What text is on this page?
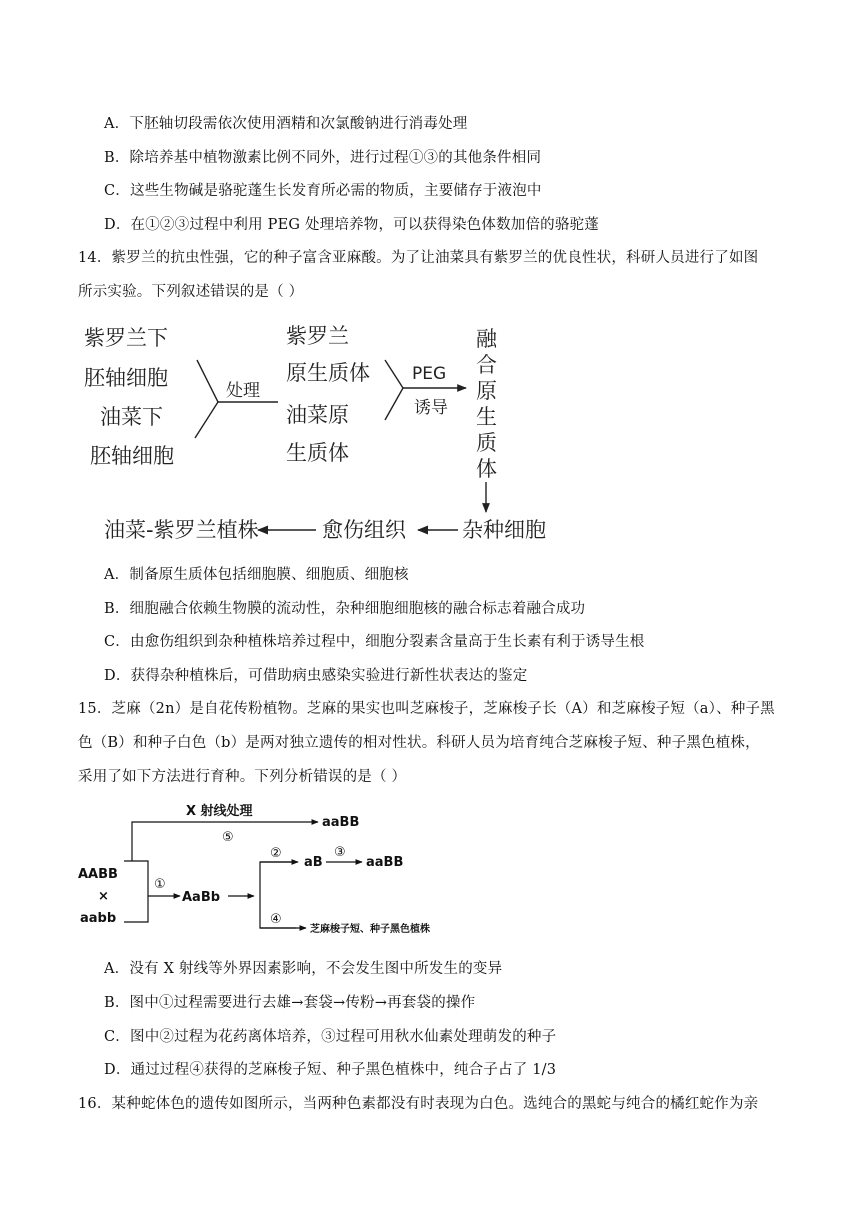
A．下胚轴切段需依次使用酒精和次氯酸钠进行消毒处理
B．除培养基中植物激素比例不同外，进行过程①③的其他条件相同
C．这些生物碱是骆驼蓬生长发育所必需的物质，主要储存于液泡中
D．在①②③过程中利用 PEG 处理培养物，可以获得染色体数加倍的骆驼蓬
14．紫罗兰的抗虫性强，它的种子富含亚麻酸。为了让油菜具有紫罗兰的优良性状，科研人员进行了如图
所示实验。下列叙述错误的是（ ）
紫罗兰下
胚轴细胞
油菜下
胚轴细胞
处理
紫罗兰
原生质体
油菜原
生质体
PEG
诱导
融
合
原
生
质
体
油菜-紫罗兰植株	愈伤组织	杂种细胞
A．制备原生质体包括细胞膜、细胞质、细胞核
B．细胞融合依赖生物膜的流动性，杂种细胞细胞核的融合标志着融合成功
C．由愈伤组织到杂种植株培养过程中，细胞分裂素含量高于生长素有利于诱导生根
D．获得杂种植株后，可借助病虫感染实验进行新性状表达的鉴定
15．芝麻（2n）是自花传粉植物。芝麻的果实也叫芝麻梭子，芝麻梭子长（A）和芝麻梭子短（a）、种子黑
色（B）和种子白色（b）是两对独立遗传的相对性状。科研人员为培育纯合芝麻梭子短、种子黑色植株，
采用了如下方法进行育种。下列分析错误的是（ ）
X 射线处理
⑤
aaBB
AABB
×
aabb
①
AaBb
②
④
aB
③
aaBB
芝麻梭子短、种子黑色植株
A．没有 X 射线等外界因素影响，不会发生图中所发生的变异
B．图中①过程需要进行去雄→套袋→传粉→再套袋的操作
C．图中②过程为花药离体培养，③过程可用秋水仙素处理萌发的种子
D．通过过程④获得的芝麻梭子短、种子黑色植株中，纯合子占了 1/3
16．某种蛇体色的遗传如图所示，当两种色素都没有时表现为白色。选纯合的黑蛇与纯合的橘红蛇作为亲
